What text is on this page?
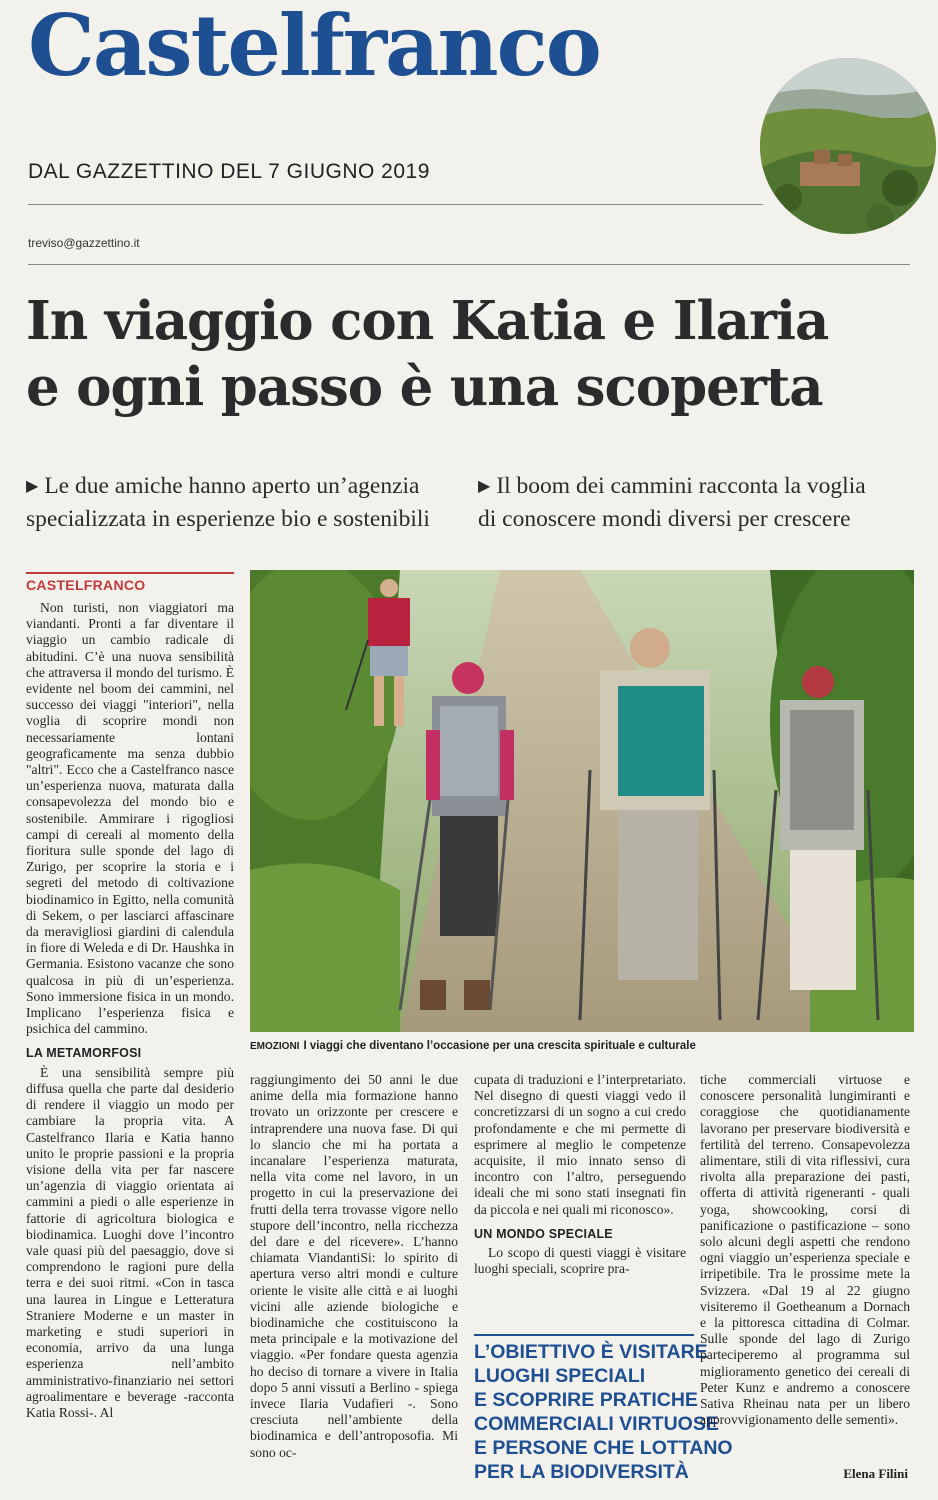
Castelfranco
DAL GAZZETTINO DEL 7 GIUGNO 2019
treviso@gazzettino.it
In viaggio con Katia e Ilaria
e ogni passo è una scoperta
▶ Le due amiche hanno aperto un’agenzia
specializzata in esperienze bio e sostenibili
▶ Il boom dei cammini racconta la voglia
di conoscere mondi diversi per crescere
CASTELFRANCO

Non turisti, non viaggiatori ma viandanti. Pronti a far diventare il viaggio un cambio radicale di abitudini. C’è una nuova sensibilità che attraversa il mondo del turismo. È evidente nel boom dei cammini, nel successo dei viaggi "interiori", nella voglia di scoprire mondi non necessariamente lontani geograficamente ma senza dubbio "altri". Ecco che a Castelfranco nasce un’esperienza nuova, maturata dalla consapevolezza del mondo bio e sostenibile. Ammirare i rigogliosi campi di cereali al momento della fioritura sulle sponde del lago di Zurigo, per scoprire la storia e i segreti del metodo di coltivazione biodinamico in Egitto, nella comunità di Sekem, o per lasciarci affascinare da meravigliosi giardini di calendula in fiore di Weleda e di Dr. Haushka in Germania. Esistono vacanze che sono qualcosa in più di un’esperienza. Sono immersione fisica in un mondo. Implicano l’esperienza fisica e psichica del cammino.

LA METAMORFOSI

È una sensibilità sempre più diffusa quella che parte dal desiderio di rendere il viaggio un modo per cambiare la propria vita. A Castelfranco Ilaria e Katia hanno unito le proprie passioni e la propria visione della vita per far nascere un’agenzia di viaggio orientata ai cammini a piedi o alle esperienze in fattorie di agricoltura biologica e biodinamica. Luoghi dove l’incontro vale quasi più del paesaggio, dove si comprendono le ragioni pure della terra e dei suoi ritmi. «Con in tasca una laurea in Lingue e Letteratura Straniere Moderne e un master in marketing e studi superiori in economia, arrivo da una lunga esperienza nell’ambito amministrativo-finanziario nei settori agroalimentare e beverage -racconta Katia Rossi-. Al

EMOZIONI I viaggi che diventano l’occasione per una crescita spirituale e culturale

raggiungimento dei 50 anni le due anime della mia formazione hanno trovato un orizzonte per crescere e intraprendere una nuova fase. Di qui lo slancio che mi ha portata a incanalare l’esperienza maturata, nella vita come nel lavoro, in un progetto in cui la preservazione dei frutti della terra trovasse vigore nello stupore dell’incontro, nella ricchezza del dare e del ricevere». L’hanno chiamata ViandantiSi: lo spirito di apertura verso altri mondi e culture oriente le visite alle città e ai luoghi vicini alle aziende biologiche e biodinamiche che costituiscono la meta principale e la motivazione del viaggio. «Per fondare questa agenzia ho deciso di tornare a vivere in Italia dopo 5 anni vissuti a Berlino - spiega invece Ilaria Vudafieri -. Sono cresciuta nell’ambiente della biodinamica e dell’antroposofia. Mi sono oc-

cupata di traduzioni e l’interpretariato. Nel disegno di questi viaggi vedo il concretizzarsi di un sogno a cui credo profondamente e che mi permette di esprimere al meglio le competenze acquisite, il mio innato senso di incontro con l’altro, perseguendo ideali che mi sono stati insegnati fin da piccola e nei quali mi riconosco».

UN MONDO SPECIALE

Lo scopo di questi viaggi è visitare luoghi speciali, scoprire pra-

L’OBIETTIVO È VISITARE
LUOGHI SPECIALI
E SCOPRIRE PRATICHE
COMMERCIALI VIRTUOSE
E PERSONE CHE LOTTANO
PER LA BIODIVERSITÀ

tiche commerciali virtuose e conoscere personalità lungimiranti e coraggiose che quotidianamente lavorano per preservare biodiversità e fertilità del terreno. Consapevolezza alimentare, stili di vita riflessivi, cura rivolta alla preparazione dei pasti, offerta di attività rigeneranti - quali yoga, showcooking, corsi di panificazione o pastificazione – sono solo alcuni degli aspetti che rendono ogni viaggio un’esperienza speciale e irripetibile. Tra le prossime mete la Svizzera. «Dal 19 al 22 giugno visiteremo il Goetheanum a Dornach e la pittoresca cittadina di Colmar. Sulle sponde del lago di Zurigo parteciperemo al programma sul miglioramento genetico dei cereali di Peter Kunz e andremo a conoscere Sativa Rheinau nata per un libero approvvigionamento delle sementi».

Elena Filini
